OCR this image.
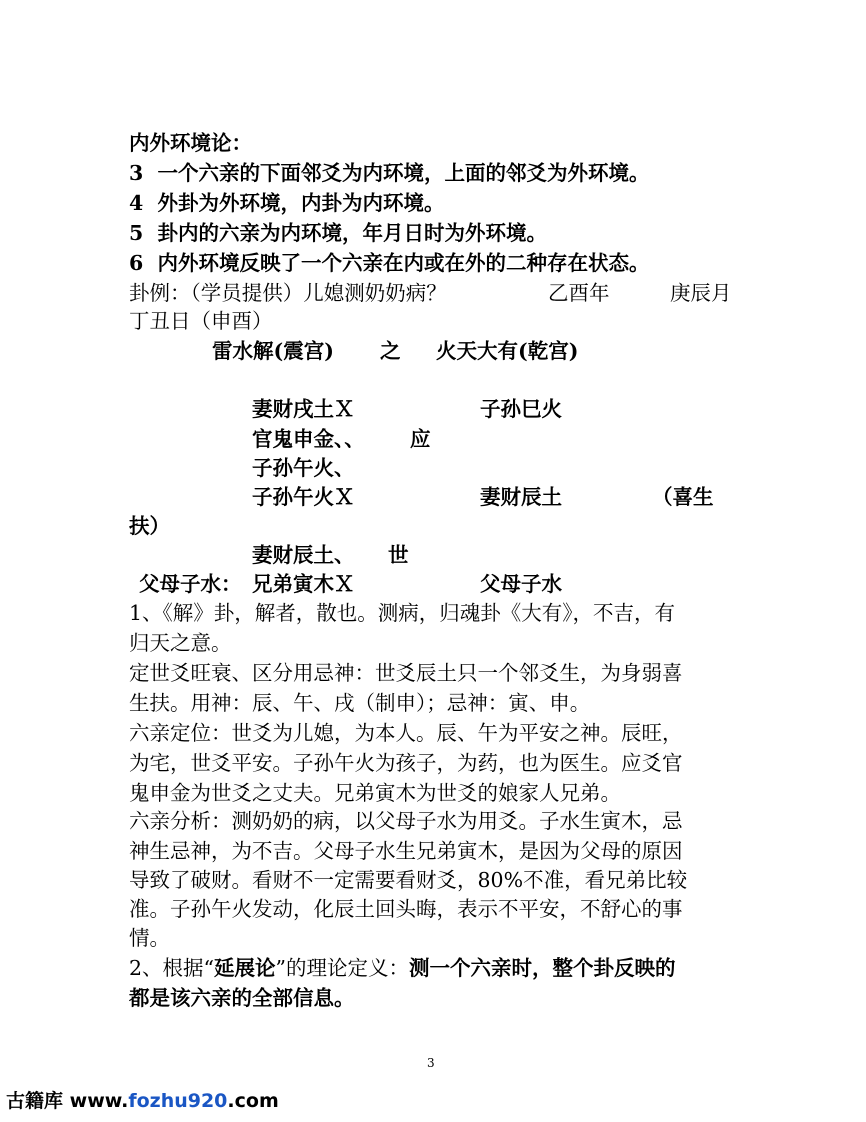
内外环境论：
3 一个六亲的下面邻爻为内环境，上面的邻爻为外环境。
4 外卦为外环境，内卦为内环境。
5 卦内的六亲为内环境，年月日时为外环境。
6 内外环境反映了一个六亲在内或在外的二种存在状态。
卦例：（学员提供）儿媳测奶奶病？	乙酉年	庚辰月
丁丑日（申酉）
雷水解(震宫) 之 火天大有(乾宫)
妻财戌土Ｘ	子孙巳火
官鬼申金、、 应
子孙午火、
子孙午火Ｘ	妻财辰土	（喜生
扶）
妻财辰土、 世
父母子水： 兄弟寅木Ｘ	父母子水
1、《解》卦，解者，散也。测病，归魂卦《大有》，不吉，有
归天之意。
定世爻旺衰、区分用忌神：世爻辰土只一个邻爻生，为身弱喜
生扶。用神：辰、午、戌（制申）；忌神：寅、申。
六亲定位：世爻为儿媳，为本人。辰、午为平安之神。辰旺，
为宅，世爻平安。子孙午火为孩子，为药，也为医生。应爻官
鬼申金为世爻之丈夫。兄弟寅木为世爻的娘家人兄弟。
六亲分析：测奶奶的病，以父母子水为用爻。子水生寅木，忌
神生忌神，为不吉。父母子水生兄弟寅木，是因为父母的原因
导致了破财。看财不一定需要看财爻，80%不准，看兄弟比较
准。子孙午火发动，化辰土回头晦，表示不平安，不舒心的事
情。
2、根据“延展论”的理论定义：测一个六亲时，整个卦反映的
都是该六亲的全部信息。
3
古籍库 www.fozhu920.com
